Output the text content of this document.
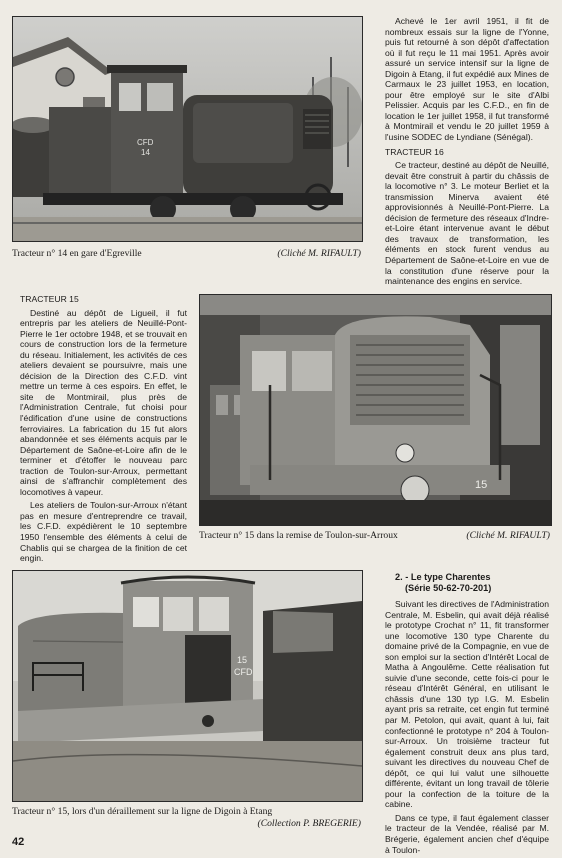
CFD
14
Tracteur n° 14 en gare d'Egreville	(Cliché M. RIFAULT)

Achevé le 1er avril 1951, il fit de nombreux essais sur la ligne de l'Yonne, puis fut retourné à son dépôt d'affectation où il fut reçu le 11 mai 1951. Après avoir assuré un service intensif sur la ligne de Digoin à Etang, il fut expédié aux Mines de Carmaux le 23 juillet 1953, en location, pour être employé sur le site d'Albi Pelissier. Acquis par les C.F.D., en fin de location le 1er juillet 1958, il fut transformé à Montmirail et vendu le 20 juillet 1959 à l'usine SODEC de Lyndiane (Sénégal).

TRACTEUR 16

Ce tracteur, destiné au dépôt de Neuillé, devait être construit à partir du châssis de la locomotive n° 3. Le moteur Berliet et la transmission Minerva avaient été approvisionnés à Neuillé-Pont-Pierre. La décision de fermeture des réseaux d'Indre-et-Loire étant intervenue avant le début des travaux de transformation, les éléments en stock furent vendus au Département de Saône-et-Loire en vue de la constitution d'une réserve pour la maintenance des engins en service.

TRACTEUR 15

Destiné au dépôt de Ligueil, il fut entrepris par les ateliers de Neuillé-Pont-Pierre le 1er octobre 1948, et se trouvait en cours de construction lors de la fermeture du réseau. Initialement, les activités de ces ateliers devaient se poursuivre, mais une décision de la Direction des C.F.D. vint mettre un terme à ces espoirs. En effet, le site de Montmirail, plus près de l'Administration Centrale, fut choisi pour l'édification d'une usine de constructions ferroviaires. La fabrication du 15 fut alors abandonnée et ses éléments acquis par le Département de Saône-et-Loire afin de le terminer et d'étoffer le nouveau parc traction de Toulon-sur-Arroux, permettant ainsi de s'affranchir complètement des locomotives à vapeur.

Les ateliers de Toulon-sur-Arroux n'étant pas en mesure d'entreprendre ce travail, les C.F.D. expédièrent le 10 septembre 1950 l'ensemble des éléments à celui de Chablis qui se chargea de la finition de cet engin.

15
Tracteur n° 15 dans la remise de Toulon-sur-Arroux	(Cliché M. RIFAULT)
15
CFD
Tracteur n° 15, lors d'un déraillement sur la ligne de Digoin à Etang
(Collection P. BREGERIE)
2. - Le type Charentes
(Série 50-62-70-201)

Suivant les directives de l'Administration Centrale, M. Esbelin, qui avait déjà réalisé le prototype Crochat n° 11, fit transformer une locomotive 130 type Charente du domaine privé de la Compagnie, en vue de son emploi sur la section d'Intérêt Local de Matha à Angoulême. Cette réalisation fut suivie d'une seconde, cette fois-ci pour le réseau d'Intérêt Général, en utilisant le châssis d'une 130 typ I.G. M. Esbelin ayant pris sa retraite, cet engin fut terminé par M. Petolon, qui avait, quant à lui, fait confectionné le prototype n° 204 à Toulon-sur-Arroux. Un troisième tracteur fut également construit deux ans plus tard, suivant les directives du nouveau Chef de dépôt, ce qui lui valut une silhouette différente, évitant un long travail de tôlerie pour la confection de la toiture de la cabine.

Dans ce type, il faut également classer le tracteur de la Vendée, réalisé par M. Brégerie, également ancien chef d'équipe à Toulon-

42
